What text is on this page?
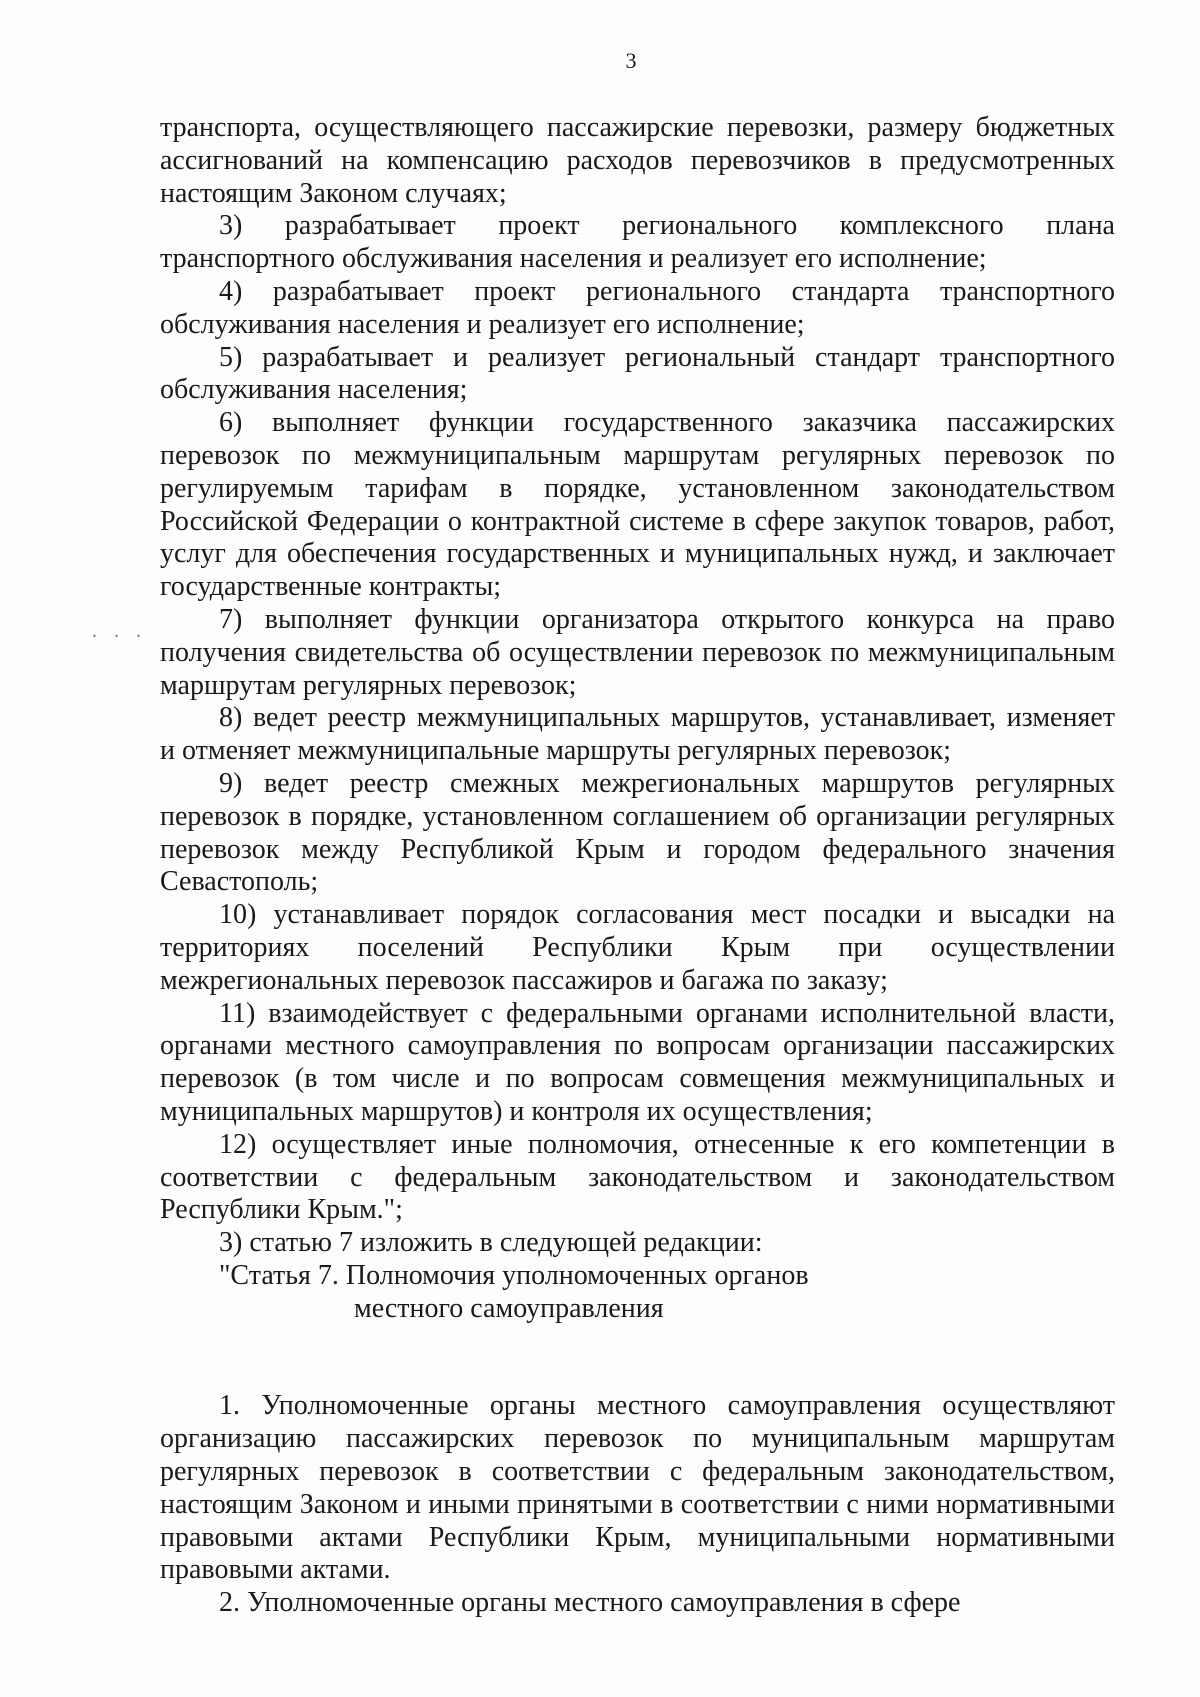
3

. . .

транспорта, осуществляющего пассажирские перевозки, размеру бюджетных ассигнований на компенсацию расходов перевозчиков в предусмотренных настоящим Законом случаях;

3) разрабатывает проект регионального комплексного плана транспортного обслуживания населения и реализует его исполнение;

4) разрабатывает проект регионального стандарта транспортного обслуживания населения и реализует его исполнение;

5) разрабатывает и реализует региональный стандарт транспортного обслуживания населения;

6) выполняет функции государственного заказчика пассажирских перевозок по межмуниципальным маршрутам регулярных перевозок по регулируемым тарифам в порядке, установленном законодательством Российской Федерации о контрактной системе в сфере закупок товаров, работ, услуг для обеспечения государственных и муниципальных нужд, и заключает государственные контракты;

7) выполняет функции организатора открытого конкурса на право получения свидетельства об осуществлении перевозок по межмуниципальным маршрутам регулярных перевозок;

8) ведет реестр межмуниципальных маршрутов, устанавливает, изменяет и отменяет межмуниципальные маршруты регулярных перевозок;

9) ведет реестр смежных межрегиональных маршрутов регулярных перевозок в порядке, установленном соглашением об организации регулярных перевозок между Республикой Крым и городом федерального значения Севастополь;

10) устанавливает порядок согласования мест посадки и высадки на территориях поселений Республики Крым при осуществлении межрегиональных перевозок пассажиров и багажа по заказу;

11) взаимодействует с федеральными органами исполнительной власти, органами местного самоуправления по вопросам организации пассажирских перевозок (в том числе и по вопросам совмещения межмуниципальных и муниципальных маршрутов) и контроля их осуществления;

12) осуществляет иные полномочия, отнесенные к его компетенции в соответствии с федеральным законодательством и законодательством Республики Крым.";

3) статью 7 изложить в следующей редакции:

"Статья 7. Полномочия уполномоченных органов
местного самоуправления

1. Уполномоченные органы местного самоуправления осуществляют организацию пассажирских перевозок по муниципальным маршрутам регулярных перевозок в соответствии с федеральным законодательством, настоящим Законом и иными принятыми в соответствии с ними нормативными правовыми актами Республики Крым, муниципальными нормативными правовыми актами.

2. Уполномоченные органы местного самоуправления в сфере
